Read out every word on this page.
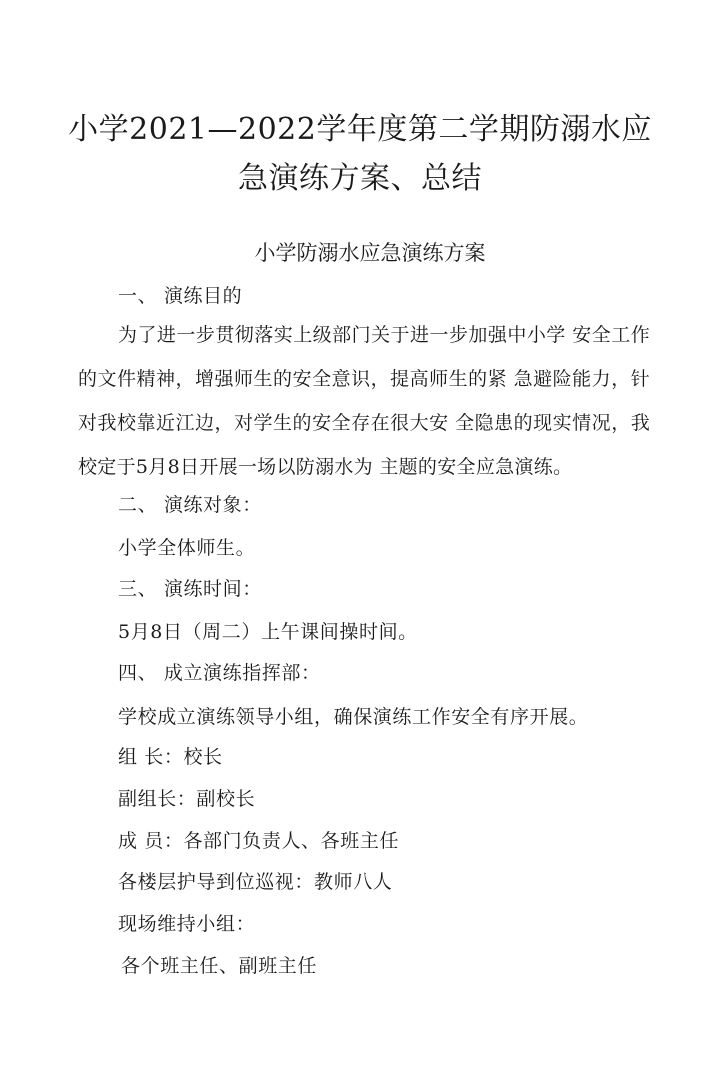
小学2021—2022学年度第二学期防溺水应
急演练方案、总结
小学防溺水应急演练方案
一、 演练目的
为了进一步贯彻落实上级部门关于进一步加强中小学 安全工作的文件精神，增强师生的安全意识，提高师生的紧 急避险能力，针对我校靠近江边，对学生的安全存在很大安 全隐患的现实情况，我校定于5月8日开展一场以防溺水为 主题的安全应急演练。
二、 演练对象：
小学全体师生。
三、 演练时间：
5月8日（周二）上午课间操时间。
四、 成立演练指挥部：
学校成立演练领导小组，确保演练工作安全有序开展。
组 长：校长
副组长：副校长
成 员：各部门负责人、各班主任
各楼层护导到位巡视：教师八人
现场维持小组：
各个班主任、副班主任
